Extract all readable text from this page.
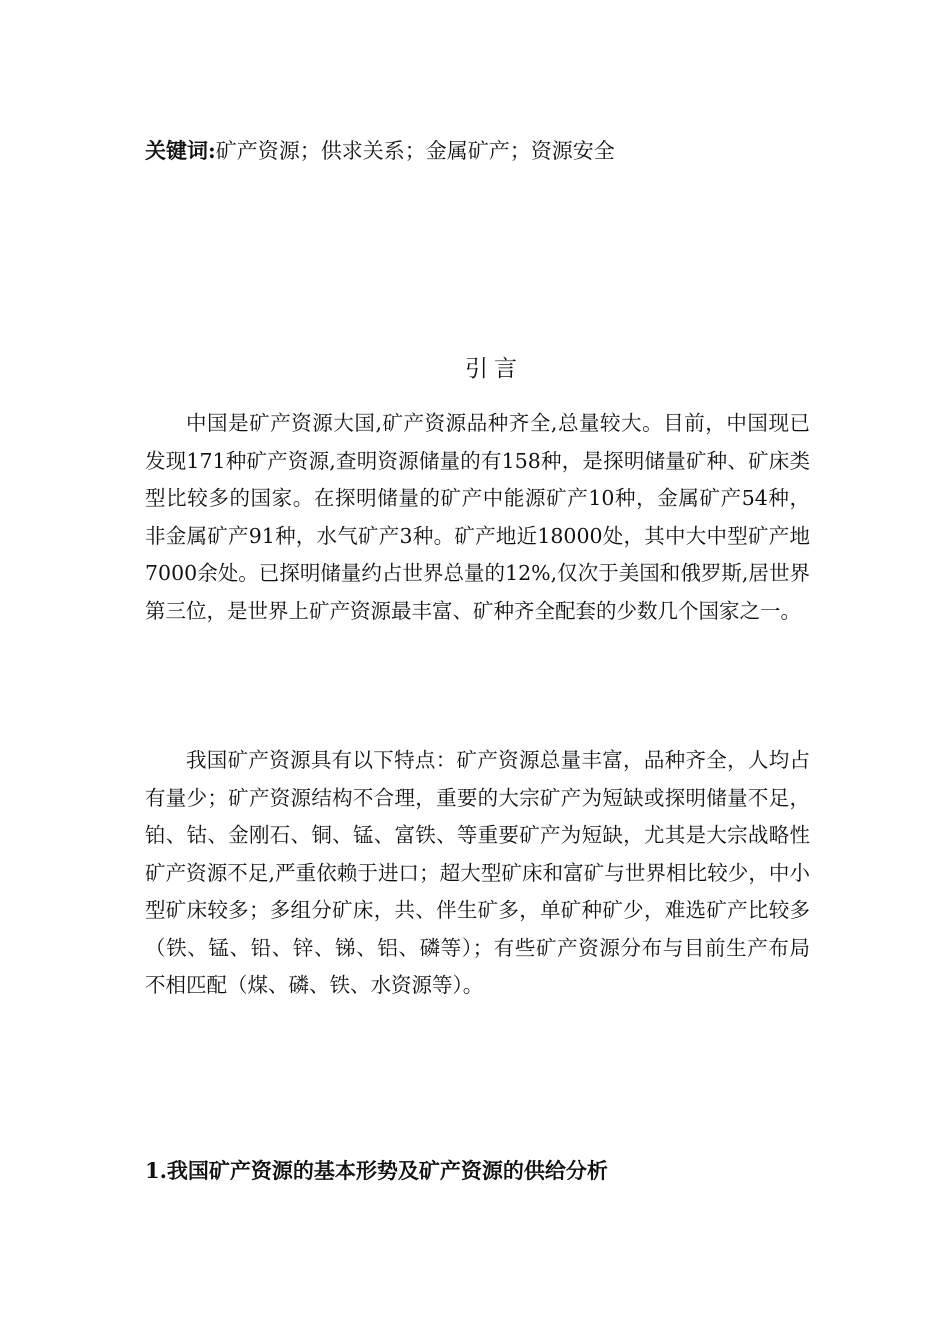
关键词:矿产资源；供求关系；金属矿产；资源安全
引言

中国是矿产资源大国,矿产资源品种齐全,总量较大。目前，中国现已发现171种矿产资源,查明资源储量的有158种，是探明储量矿种、矿床类型比较多的国家。在探明储量的矿产中能源矿产10种，金属矿产54种，非金属矿产91种，水气矿产3种。矿产地近18000处，其中大中型矿产地7000余处。已探明储量约占世界总量的12%,仅次于美国和俄罗斯,居世界第三位，是世界上矿产资源最丰富、矿种齐全配套的少数几个国家之一。

我国矿产资源具有以下特点：矿产资源总量丰富，品种齐全，人均占有量少；矿产资源结构不合理，重要的大宗矿产为短缺或探明储量不足，铂、钴、金刚石、铜、锰、富铁、等重要矿产为短缺，尤其是大宗战略性矿产资源不足,严重依赖于进口；超大型矿床和富矿与世界相比较少，中小型矿床较多；多组分矿床，共、伴生矿多，单矿种矿少，难选矿产比较多（铁、锰、铅、锌、锑、铝、磷等）；有些矿产资源分布与目前生产布局不相匹配（煤、磷、铁、水资源等）。

1.我国矿产资源的基本形势及矿产资源的供给分析
